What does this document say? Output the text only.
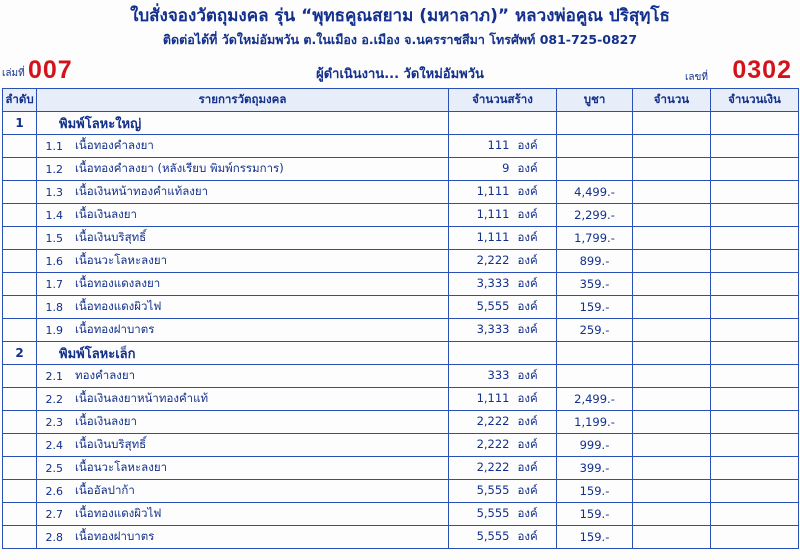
ใบสั่งจองวัตถุมงคล รุ่น “พุทธคูณสยาม (มหาลาภ)” หลวงพ่อคูณ ปริสุทฺโธ
ติดต่อได้ที่ วัดใหม่อัมพวัน ต.ในเมือง อ.เมือง จ.นครราชสีมา โทรศัพท์ 081-725-0827
เล่มที่ 007	ผู้ดำเนินงาน... วัดใหม่อัมพวัน	เลขที่ 0302
ลำดับ	รายการวัตถุมงคล	จำนวนสร้าง	บูชา	จำนวน	จำนวนเงิน
1	พิมพ์โลหะใหญ่				

	1.1 เนื้อทองคำลงยา	111 องค์			

	1.2 เนื้อทองคำลงยา (หลังเรียบ พิมพ์กรรมการ)	9 องค์			

	1.3 เนื้อเงินหน้าทองคำแท้ลงยา	1,111 องค์	4,499.-		

	1.4 เนื้อเงินลงยา	1,111 องค์	2,299.-		

	1.5 เนื้อเงินบริสุทธิ์	1,111 องค์	1,799.-		

	1.6 เนื้อนวะโลหะลงยา	2,222 องค์	899.-		

	1.7 เนื้อทองแดงลงยา	3,333 องค์	359.-		

	1.8 เนื้อทองแดงผิวไฟ	5,555 องค์	159.-		

	1.9 เนื้อทองฝาบาตร	3,333 องค์	259.-		
2	พิมพ์โลหะเล็ก				

	2.1 ทองคำลงยา	333 องค์			

	2.2 เนื้อเงินลงยาหน้าทองคำแท้	1,111 องค์	2,499.-		

	2.3 เนื้อเงินลงยา	2,222 องค์	1,199.-		

	2.4 เนื้อเงินบริสุทธิ์	2,222 องค์	999.-		

	2.5 เนื้อนวะโลหะลงยา	2,222 องค์	399.-		

	2.6 เนื้ออัลปาก้า	5,555 องค์	159.-		

	2.7 เนื้อทองแดงผิวไฟ	5,555 องค์	159.-		

	2.8 เนื้อทองฝาบาตร	5,555 องค์	159.-		
